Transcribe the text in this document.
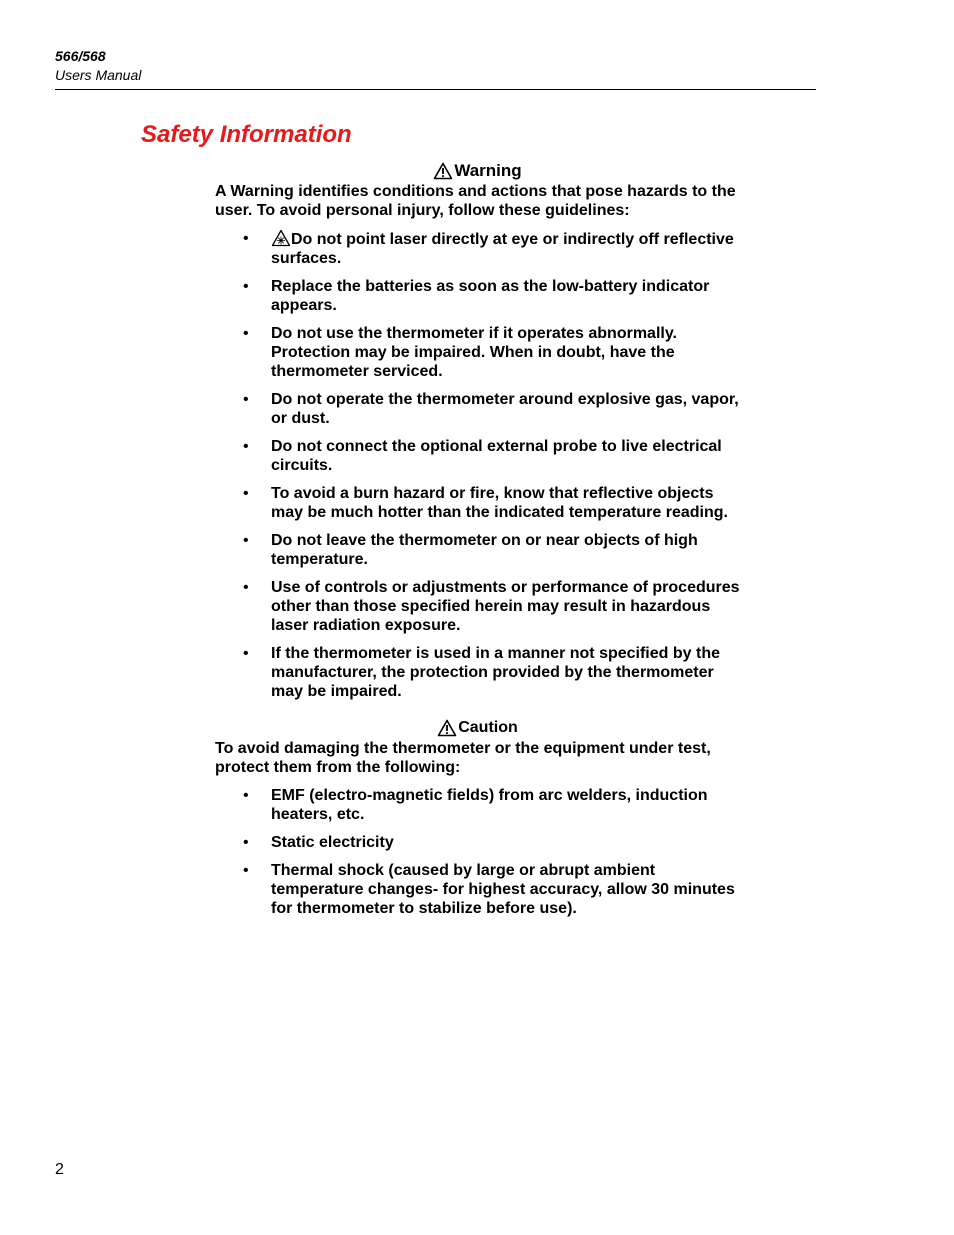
566/568
Users Manual
Safety Information
Warning

A Warning identifies conditions and actions that pose hazards to the user. To avoid personal injury, follow these guidelines:

•	Do not point laser directly at eye or indirectly off reflective surfaces.
• Replace the batteries as soon as the low-battery indicator appears.
• Do not use the thermometer if it operates abnormally. Protection may be impaired. When in doubt, have the thermometer serviced.
• Do not operate the thermometer around explosive gas, vapor, or dust.
• Do not connect the optional external probe to live electrical circuits.
• To avoid a burn hazard or fire, know that reflective objects may be much hotter than the indicated temperature reading.
• Do not leave the thermometer on or near objects of high temperature.
• Use of controls or adjustments or performance of procedures other than those specified herein may result in hazardous laser radiation exposure.
• If the thermometer is used in a manner not specified by the manufacturer, the protection provided by the thermometer may be impaired.
Caution

To avoid damaging the thermometer or the equipment under test, protect them from the following:

• EMF (electro-magnetic fields) from arc welders, induction heaters, etc.
• Static electricity
• Thermal shock (caused by large or abrupt ambient temperature changes- for highest accuracy, allow 30 minutes for thermometer to stabilize before use).
2
